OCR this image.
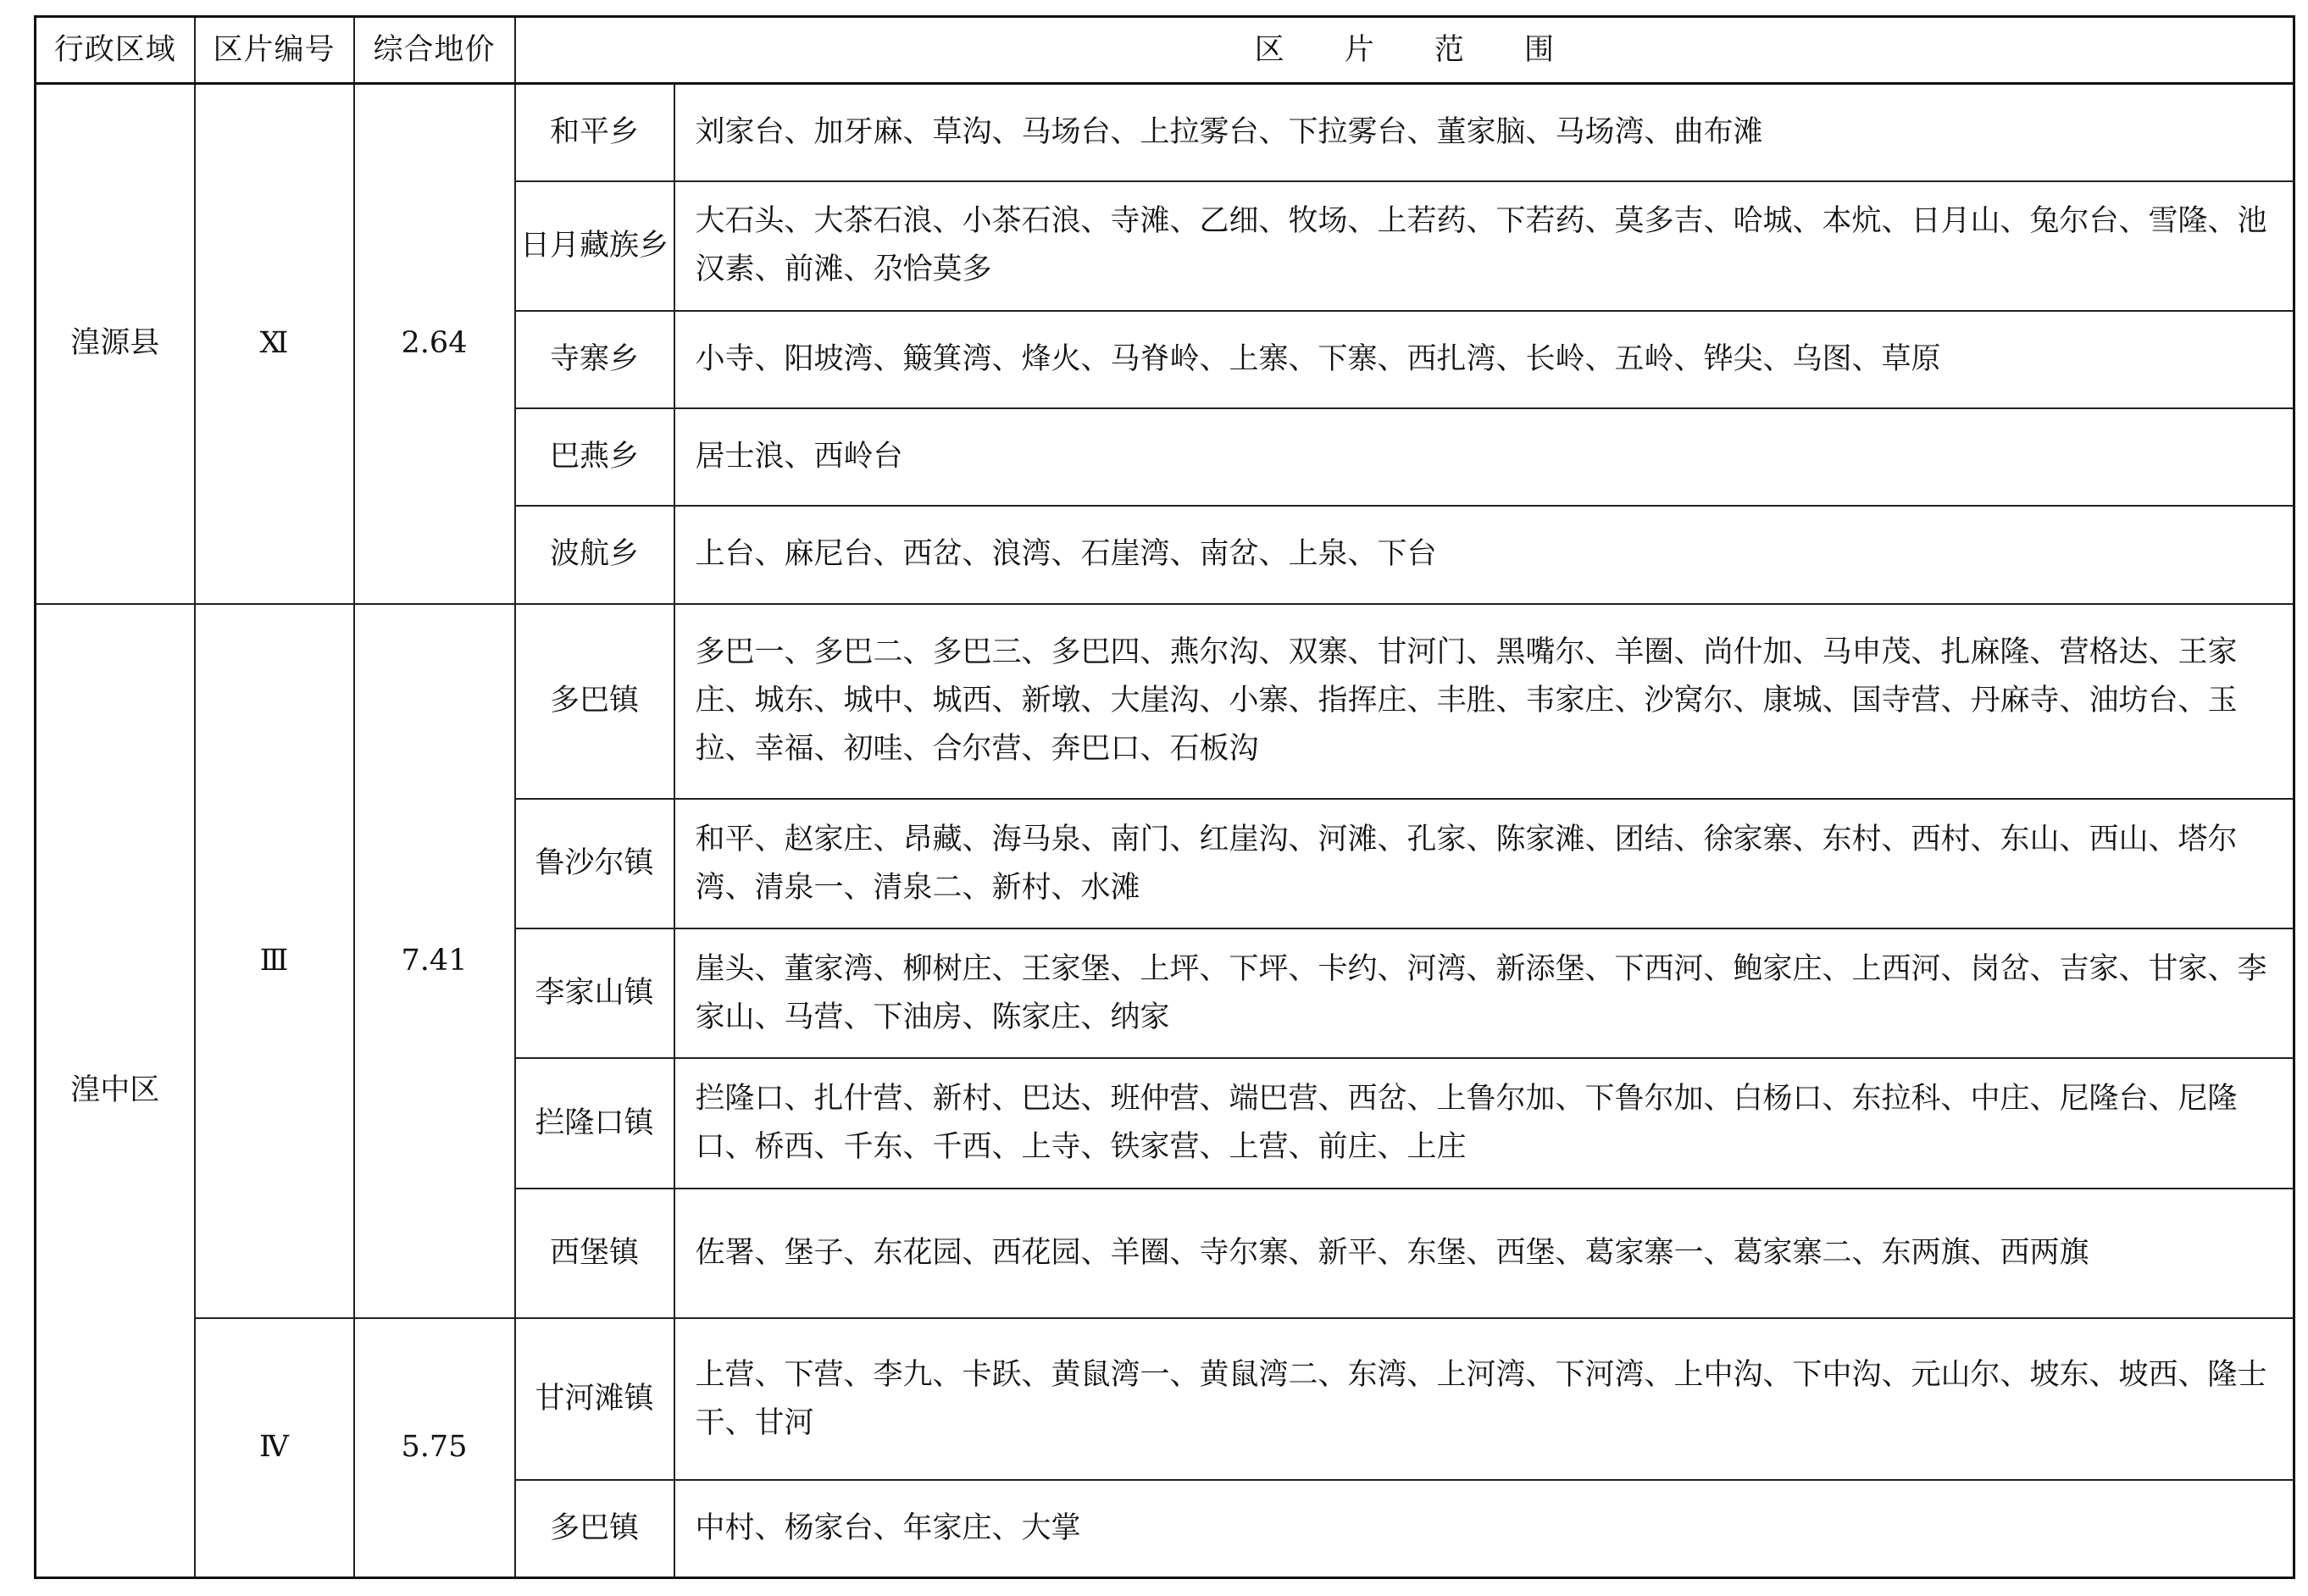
行政区域	区片编号	综合地价	区 片 范 围	
湟源县	Ⅺ	2.64	和平乡	刘家台、加牙麻、草沟、马场台、上拉雾台、下拉雾台、董家脑、马场湾、曲布滩
			日月藏族乡	大石头、大茶石浪、小茶石浪、寺滩、乙细、牧场、上若药、下若药、莫多吉、哈城、本炕、日月山、兔尔台、雪隆、池汉素、前滩、尕恰莫多
			寺寨乡	小寺、阳坡湾、簸箕湾、烽火、马脊岭、上寨、下寨、西扎湾、长岭、五岭、铧尖、乌图、草原
			巴燕乡	居士浪、西岭台
			波航乡	上台、麻尼台、西岔、浪湾、石崖湾、南岔、上泉、下台
湟中区	Ⅲ	7.41	多巴镇	多巴一、多巴二、多巴三、多巴四、燕尔沟、双寨、甘河门、黑嘴尔、羊圈、尚什加、马申茂、扎麻隆、营格达、王家庄、城东、城中、城西、新墩、大崖沟、小寨、指挥庄、丰胜、韦家庄、沙窝尔、康城、国寺营、丹麻寺、油坊台、玉拉、幸福、初哇、合尔营、奔巴口、石板沟
			鲁沙尔镇	和平、赵家庄、昂藏、海马泉、南门、红崖沟、河滩、孔家、陈家滩、团结、徐家寨、东村、西村、东山、西山、塔尔湾、清泉一、清泉二、新村、水滩
			李家山镇	崖头、董家湾、柳树庄、王家堡、上坪、下坪、卡约、河湾、新添堡、下西河、鲍家庄、上西河、岗岔、吉家、甘家、李家山、马营、下油房、陈家庄、纳家
			拦隆口镇	拦隆口、扎什营、新村、巴达、班仲营、端巴营、西岔、上鲁尔加、下鲁尔加、白杨口、东拉科、中庄、尼隆台、尼隆口、桥西、千东、千西、上寺、铁家营、上营、前庄、上庄
			西堡镇	佐署、堡子、东花园、西花园、羊圈、寺尔寨、新平、东堡、西堡、葛家寨一、葛家寨二、东两旗、西两旗
	Ⅳ	5.75	甘河滩镇	上营、下营、李九、卡跃、黄鼠湾一、黄鼠湾二、东湾、上河湾、下河湾、上中沟、下中沟、元山尔、坡东、坡西、隆士干、甘河
			多巴镇	中村、杨家台、年家庄、大掌
